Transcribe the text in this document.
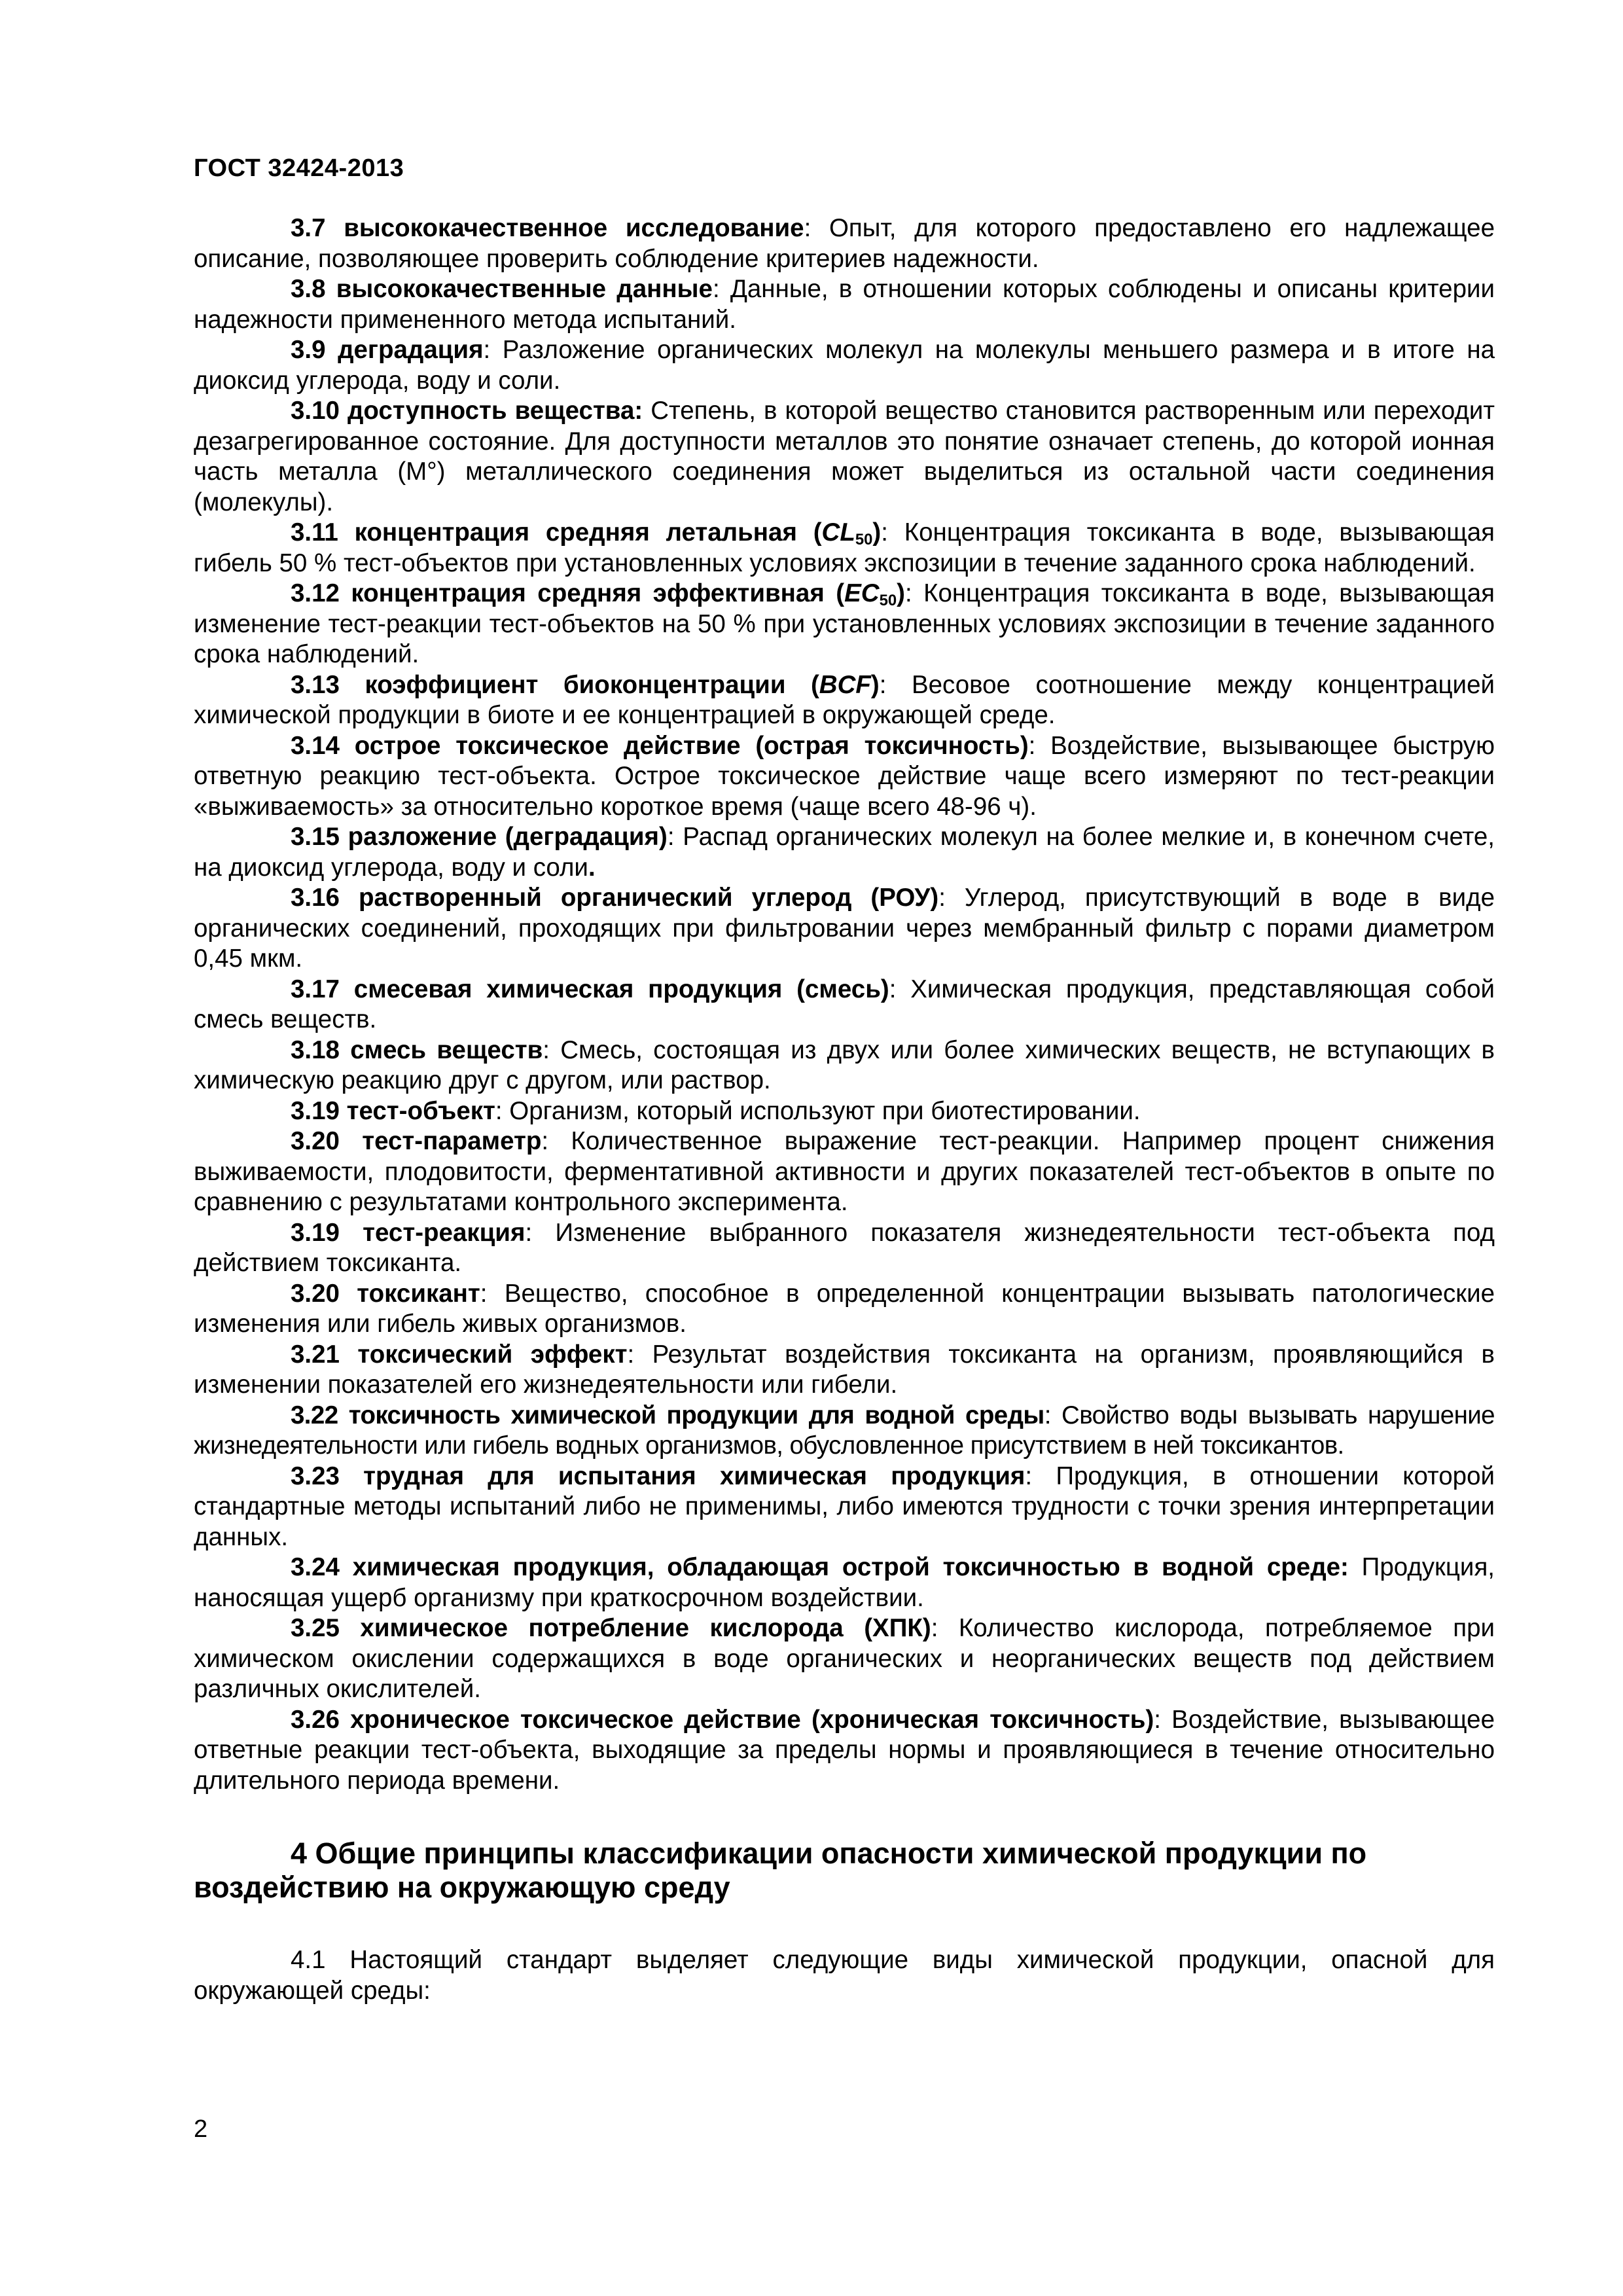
ГОСТ 32424-2013

3.7 высококачественное исследование: Опыт, для которого предоставлено его надлежащее описание, позволяющее проверить соблюдение критериев надежности.

3.8 высококачественные данные: Данные, в отношении которых соблюдены и описаны критерии надежности примененного метода испытаний.

3.9 деградация: Разложение органических молекул на молекулы меньшего размера и в итоге на диоксид углерода, воду и соли.

3.10 доступность вещества: Степень, в которой вещество становится растворенным или переходит дезагрегированное состояние. Для доступности металлов это понятие означает степень, до которой ионная часть металла (М°) металлического соединения может выделиться из остальной части соединения (молекулы).

3.11 концентрация средняя летальная $(CL_{50})$: Концентрация токсиканта в воде, вызывающая гибель 50 % тест-объектов при установленных условиях экспозиции в течение заданного срока наблюдений.

3.12 концентрация средняя эффективная $(EC_{50})$: Концентрация токсиканта в воде, вызывающая изменение тест-реакции тест-объектов на 50 % при установленных условиях экспозиции в течение заданного срока наблюдений.

3.13 коэффициент биоконцентрации (BCF): Весовое соотношение между концентрацией химической продукции в биоте и ее концентрацией в окружающей среде.

3.14 острое токсическое действие (острая токсичность): Воздействие, вызывающее быструю ответную реакцию тест-объекта. Острое токсическое действие чаще всего измеряют по тест-реакции «выживаемость» за относительно короткое время (чаще всего 48-96 ч).

3.15 разложение (деградация): Распад органических молекул на более мелкие и, в конечном счете, на диоксид углерода, воду и соли.

3.16 растворенный органический углерод (РОУ): Углерод, присутствующий в воде в виде органических соединений, проходящих при фильтровании через мембранный фильтр с порами диаметром 0,45 мкм.

3.17 смесевая химическая продукция (смесь): Химическая продукция, представляющая собой смесь веществ.

3.18 смесь веществ: Смесь, состоящая из двух или более химических веществ, не вступающих в химическую реакцию друг с другом, или раствор.

3.19 тест-объект: Организм, который используют при биотестировании.

3.20 тест-параметр: Количественное выражение тест-реакции. Например процент снижения выживаемости, плодовитости, ферментативной активности и других показателей тест-объектов в опыте по сравнению с результатами контрольного эксперимента.

3.19 тест-реакция: Изменение выбранного показателя жизнедеятельности тест-объекта под действием токсиканта.

3.20 токсикант: Вещество, способное в определенной концентрации вызывать патологические изменения или гибель живых организмов.

3.21 токсический эффект: Результат воздействия токсиканта на организм, проявляющийся в изменении показателей его жизнедеятельности или гибели.

3.22 токсичность химической продукции для водной среды: Свойство воды вызывать нарушение жизнедеятельности или гибель водных организмов, обусловленное присутствием в ней токсикантов.

3.23 трудная для испытания химическая продукция: Продукция, в отношении которой стандартные методы испытаний либо не применимы, либо имеются трудности с точки зрения интерпретации данных.

3.24 химическая продукция, обладающая острой токсичностью в водной среде: Продукция, наносящая ущерб организму при краткосрочном воздействии.

3.25 химическое потребление кислорода (ХПК): Количество кислорода, потребляемое при химическом окислении содержащихся в воде органических и неорганических веществ под действием различных окислителей.

3.26 хроническое токсическое действие (хроническая токсичность): Воздействие, вызывающее ответные реакции тест-объекта, выходящие за пределы нормы и проявляющиеся в течение относительно длительного периода времени.

4 Общие принципы классификации опасности химической продукции по воздействию на окружающую среду

4.1 Настоящий стандарт выделяет следующие виды химической продукции, опасной для окружающей среды:

2
